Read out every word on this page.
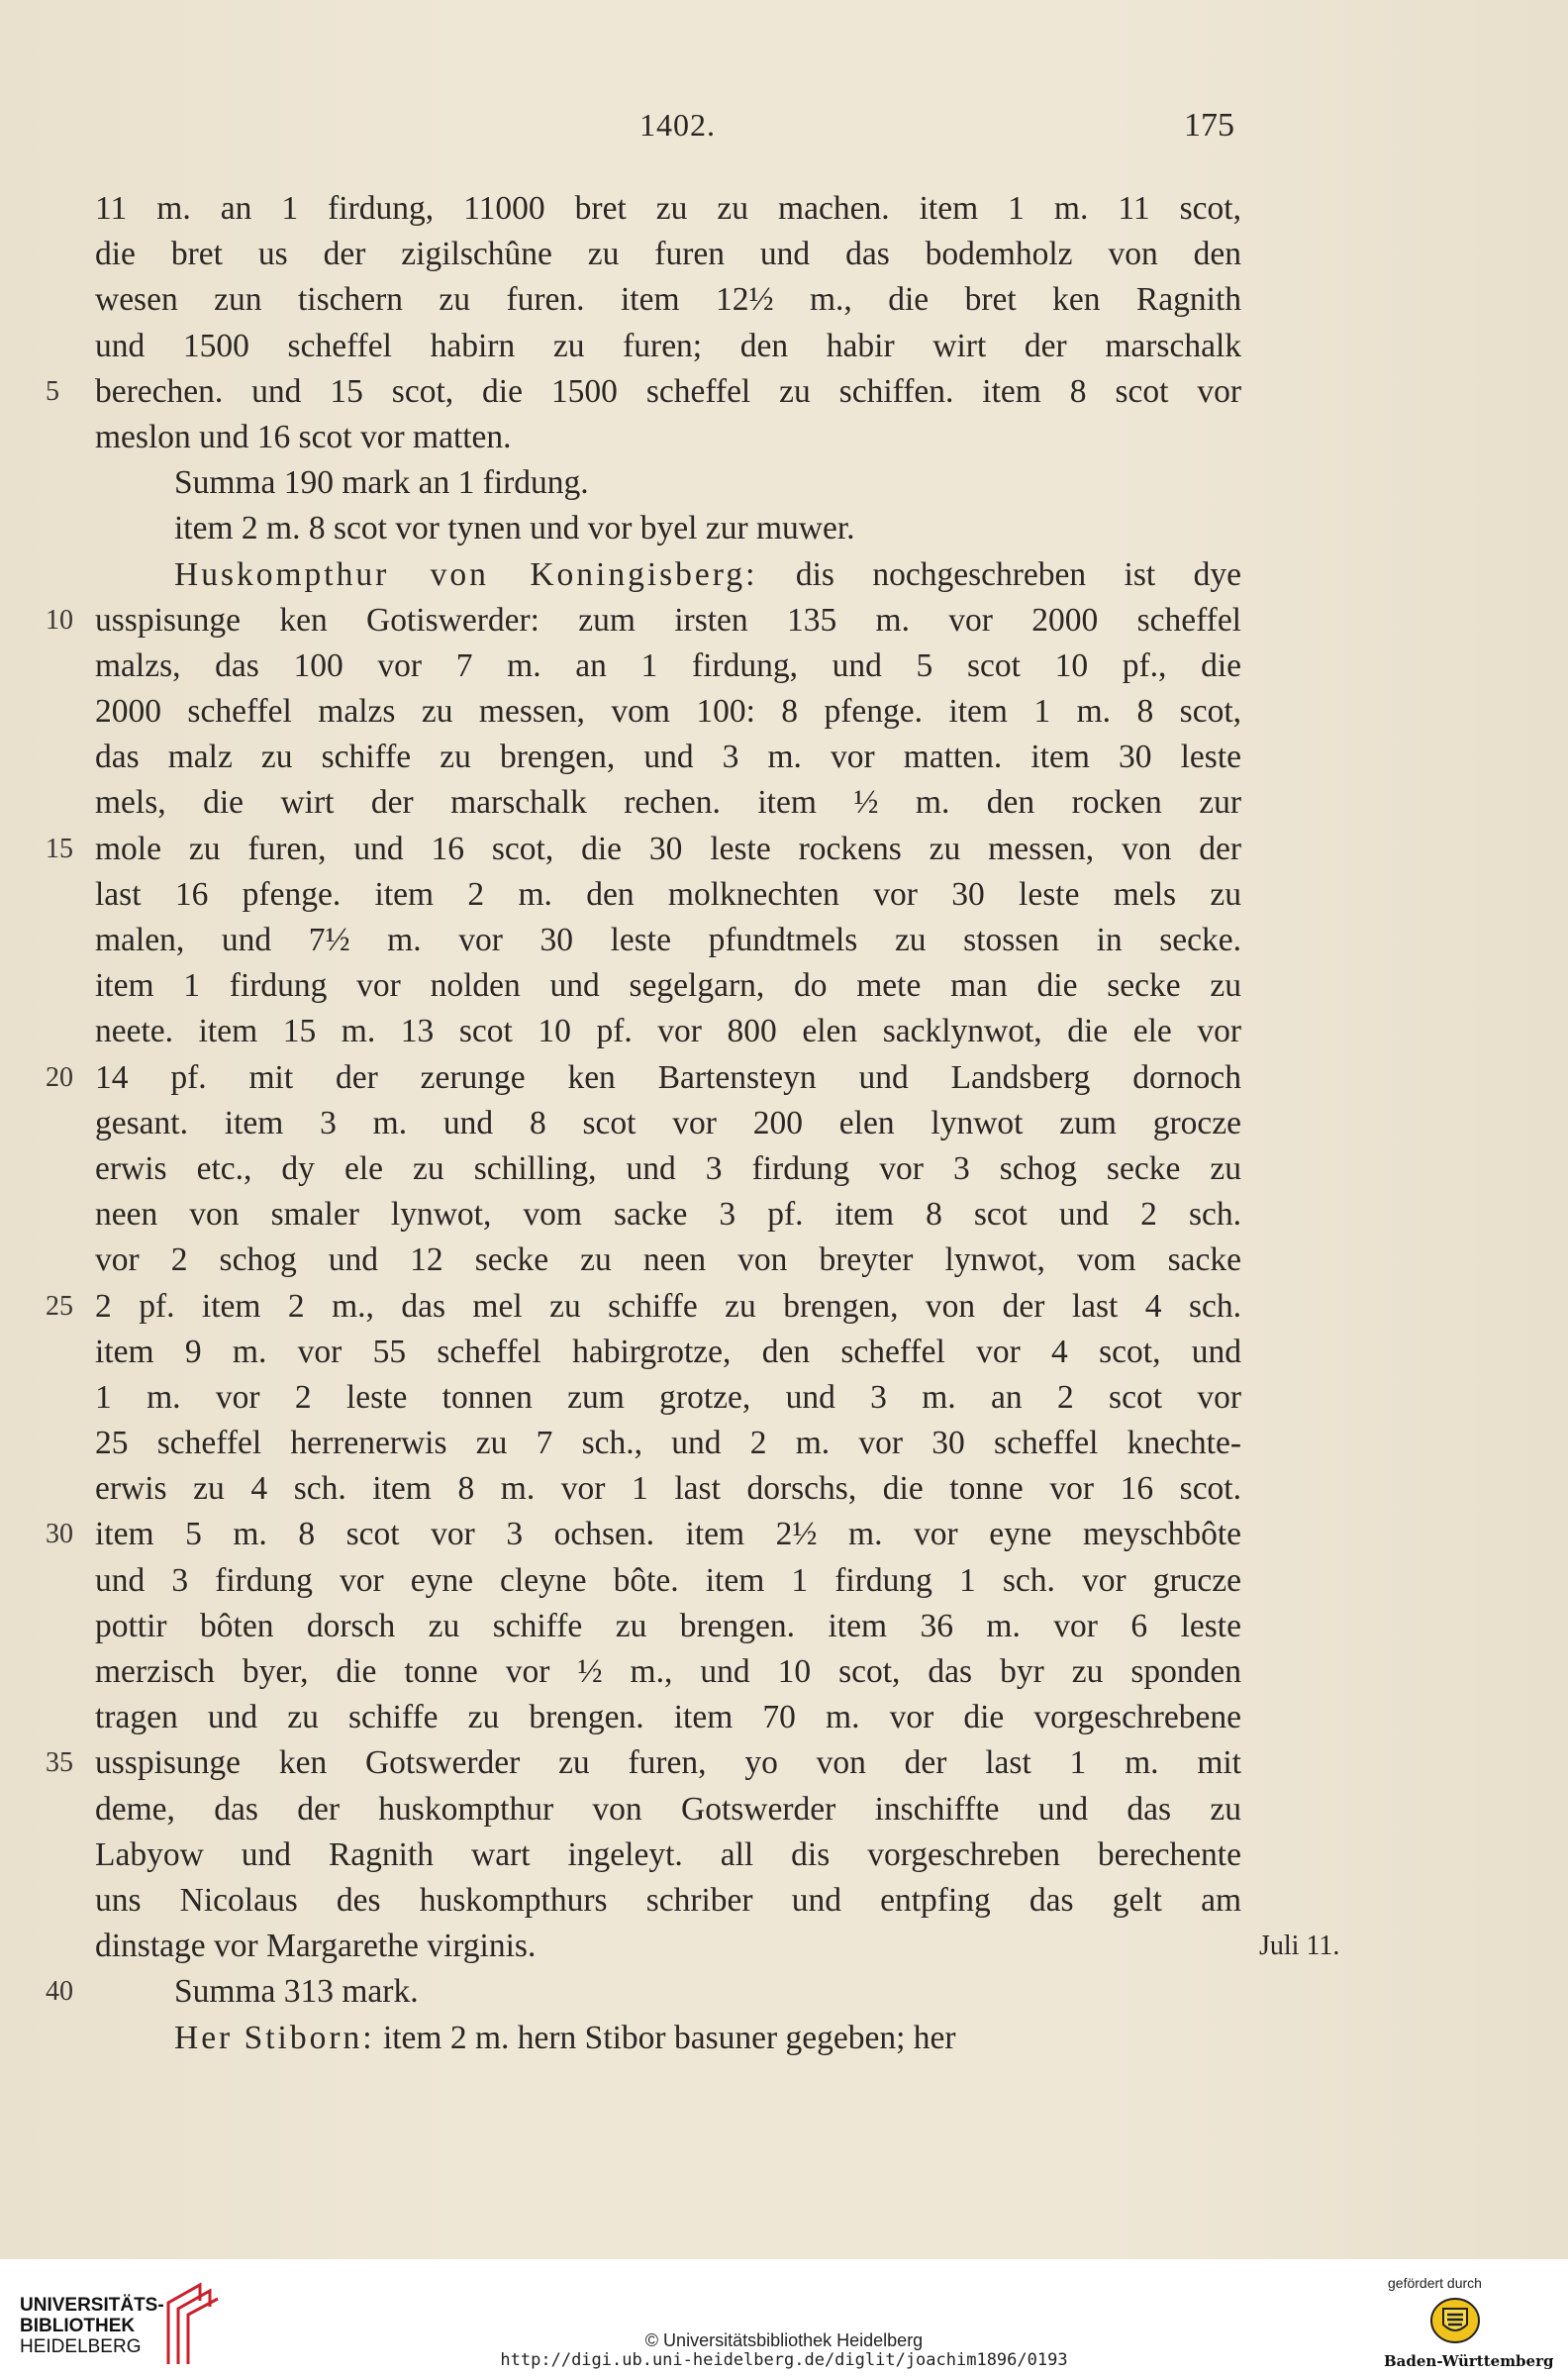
1402.	175
11 m. an 1 firdung, 11000 bret zu zu machen. item 1 m. 11 scot,
die bret us der zigilschûne zu furen und das bodemholz von den
wesen zun tischern zu furen. item 12½ m., die bret ken Ragnith
und 1500 scheffel habirn zu furen; den habir wirt der marschalk
5	berechen. und 15 scot, die 1500 scheffel zu schiffen. item 8 scot vor
meslon und 16 scot vor matten.
Summa 190 mark an 1 firdung.
item 2 m. 8 scot vor tynen und vor byel zur muwer.
Huskompthur von Koningisberg: dis nochgeschreben ist dye
10 usspisunge ken Gotiswerder: zum irsten 135 m. vor 2000 scheffel
malzs, das 100 vor 7 m. an 1 firdung, und 5 scot 10 pf., die
2000 scheffel malzs zu messen, vom 100: 8 pfenge. item 1 m. 8 scot,
das malz zu schiffe zu brengen, und 3 m. vor matten. item 30 leste
mels, die wirt der marschalk rechen. item ½ m. den rocken zur
15 mole zu furen, und 16 scot, die 30 leste rockens zu messen, von der
last 16 pfenge. item 2 m. den molknechten vor 30 leste mels zu
malen, und 7½ m. vor 30 leste pfundtmels zu stossen in secke.
item 1 firdung vor nolden und segelgarn, do mete man die secke zu
neete. item 15 m. 13 scot 10 pf. vor 800 elen sacklynwot, die ele vor
20 14 pf. mit der zerunge ken Bartensteyn und Landsberg dornoch
gesant. item 3 m. und 8 scot vor 200 elen lynwot zum grocze
erwis etc., dy ele zu schilling, und 3 firdung vor 3 schog secke zu
neen von smaler lynwot, vom sacke 3 pf. item 8 scot und 2 sch.
vor 2 schog und 12 secke zu neen von breyter lynwot, vom sacke
25 2 pf. item 2 m., das mel zu schiffe zu brengen, von der last 4 sch.
item 9 m. vor 55 scheffel habirgrotze, den scheffel vor 4 scot, und
1 m. vor 2 leste tonnen zum grotze, und 3 m. an 2 scot vor
25 scheffel herrenerwis zu 7 sch., und 2 m. vor 30 scheffel knechte-
erwis zu 4 sch. item 8 m. vor 1 last dorschs, die tonne vor 16 scot.
30 item 5 m. 8 scot vor 3 ochsen. item 2½ m. vor eyne meyschbôte
und 3 firdung vor eyne cleyne bôte. item 1 firdung 1 sch. vor grucze
pottir bôten dorsch zu schiffe zu brengen. item 36 m. vor 6 leste
merzisch byer, die tonne vor ½ m., und 10 scot, das byr zu sponden
tragen und zu schiffe zu brengen. item 70 m. vor die vorgeschrebene
35 usspisunge ken Gotswerder zu furen, yo von der last 1 m. mit
deme, das der huskompthur von Gotswerder inschiffte und das zu
Labyow und Ragnith wart ingeleyt. all dis vorgeschreben berechente
uns Nicolaus des huskompthurs schriber und entpfing das gelt am
dinstage vor Margarethe virginis.	Juli 11.
40	Summa 313 mark.
Her Stiborn: item 2 m. hern Stibor basuner gegeben; her
UNIVERSITÄTS-
BIBLIOTHEK
HEIDELBERG	© Universitätsbibliothek Heidelberg
http://digi.ub.uni-heidelberg.de/diglit/joachim1896/0193
gefördert durch
Baden-Württemberg
